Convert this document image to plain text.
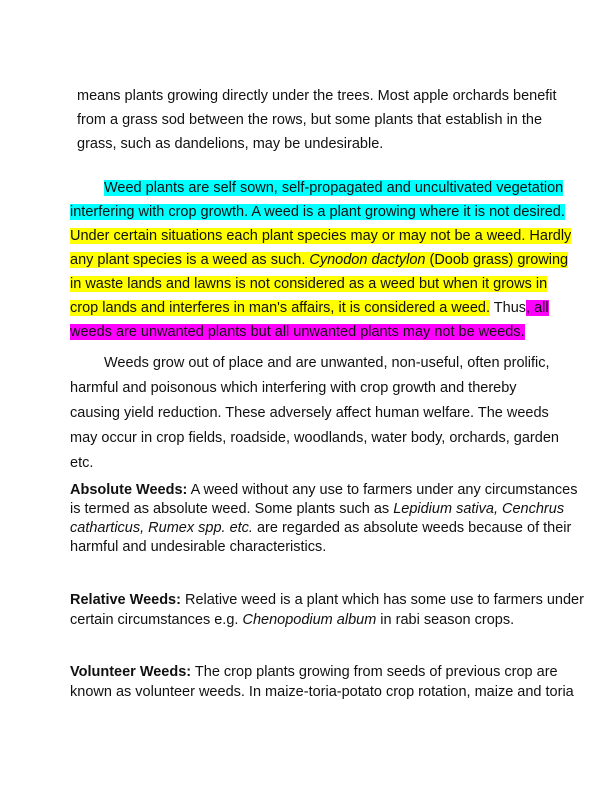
means plants growing directly under the trees. Most apple orchards benefit
from a grass sod between the rows, but some plants that establish in the
grass, such as dandelions, may be undesirable.
Weed plants are self sown, self-propagated and uncultivated vegetation
interfering with crop growth. A weed is a plant growing where it is not desired.
Under certain situations each plant species may or may not be a weed. Hardly
any plant species is a weed as such. Cynodon dactylon (Doob grass) growing
in waste lands and lawns is not considered as a weed but when it grows in
crop lands and interferes in man's affairs, it is considered a weed. Thus, all
weeds are unwanted plants but all unwanted plants may not be weeds.
Weeds grow out of place and are unwanted, non-useful, often prolific,
harmful and poisonous which interfering with crop growth and thereby
causing yield reduction. These adversely affect human welfare. The weeds
may occur in crop fields, roadside, woodlands, water body, orchards, garden
etc.
Absolute Weeds: A weed without any use to farmers under any circumstances
is termed as absolute weed. Some plants such as Lepidium sativa, Cenchrus
catharticus, Rumex spp. etc. are regarded as absolute weeds because of their
harmful and undesirable characteristics.
Relative Weeds: Relative weed is a plant which has some use to farmers under
certain circumstances e.g. Chenopodium album in rabi season crops.
Volunteer Weeds: The crop plants growing from seeds of previous crop are
known as volunteer weeds. In maize-toria-potato crop rotation, maize and toria
